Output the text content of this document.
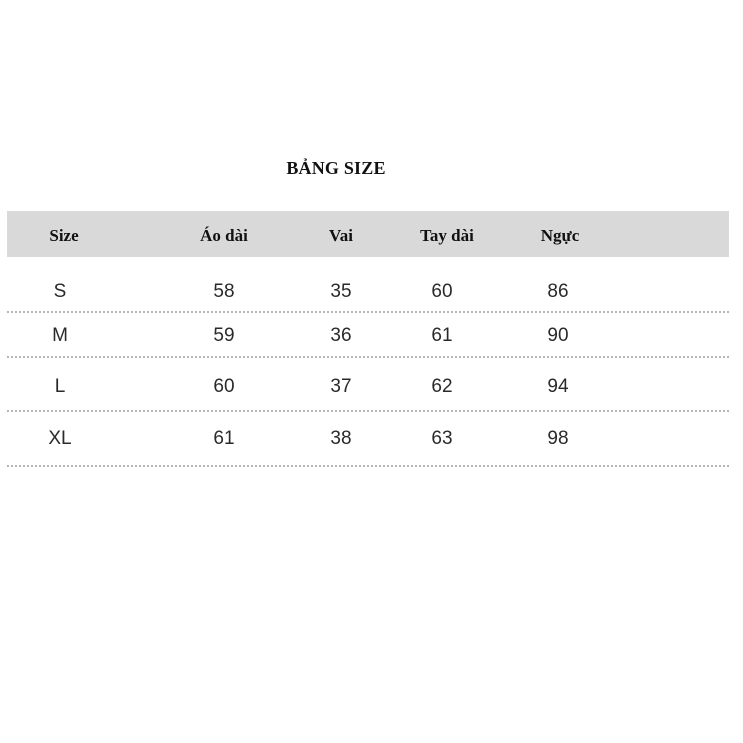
BẢNG SIZE
Size	Áo dài	Vai	Tay dài	Ngực
S	58	35	60	86
M	59	36	61	90
L	60	37	62	94
XL	61	38	63	98
